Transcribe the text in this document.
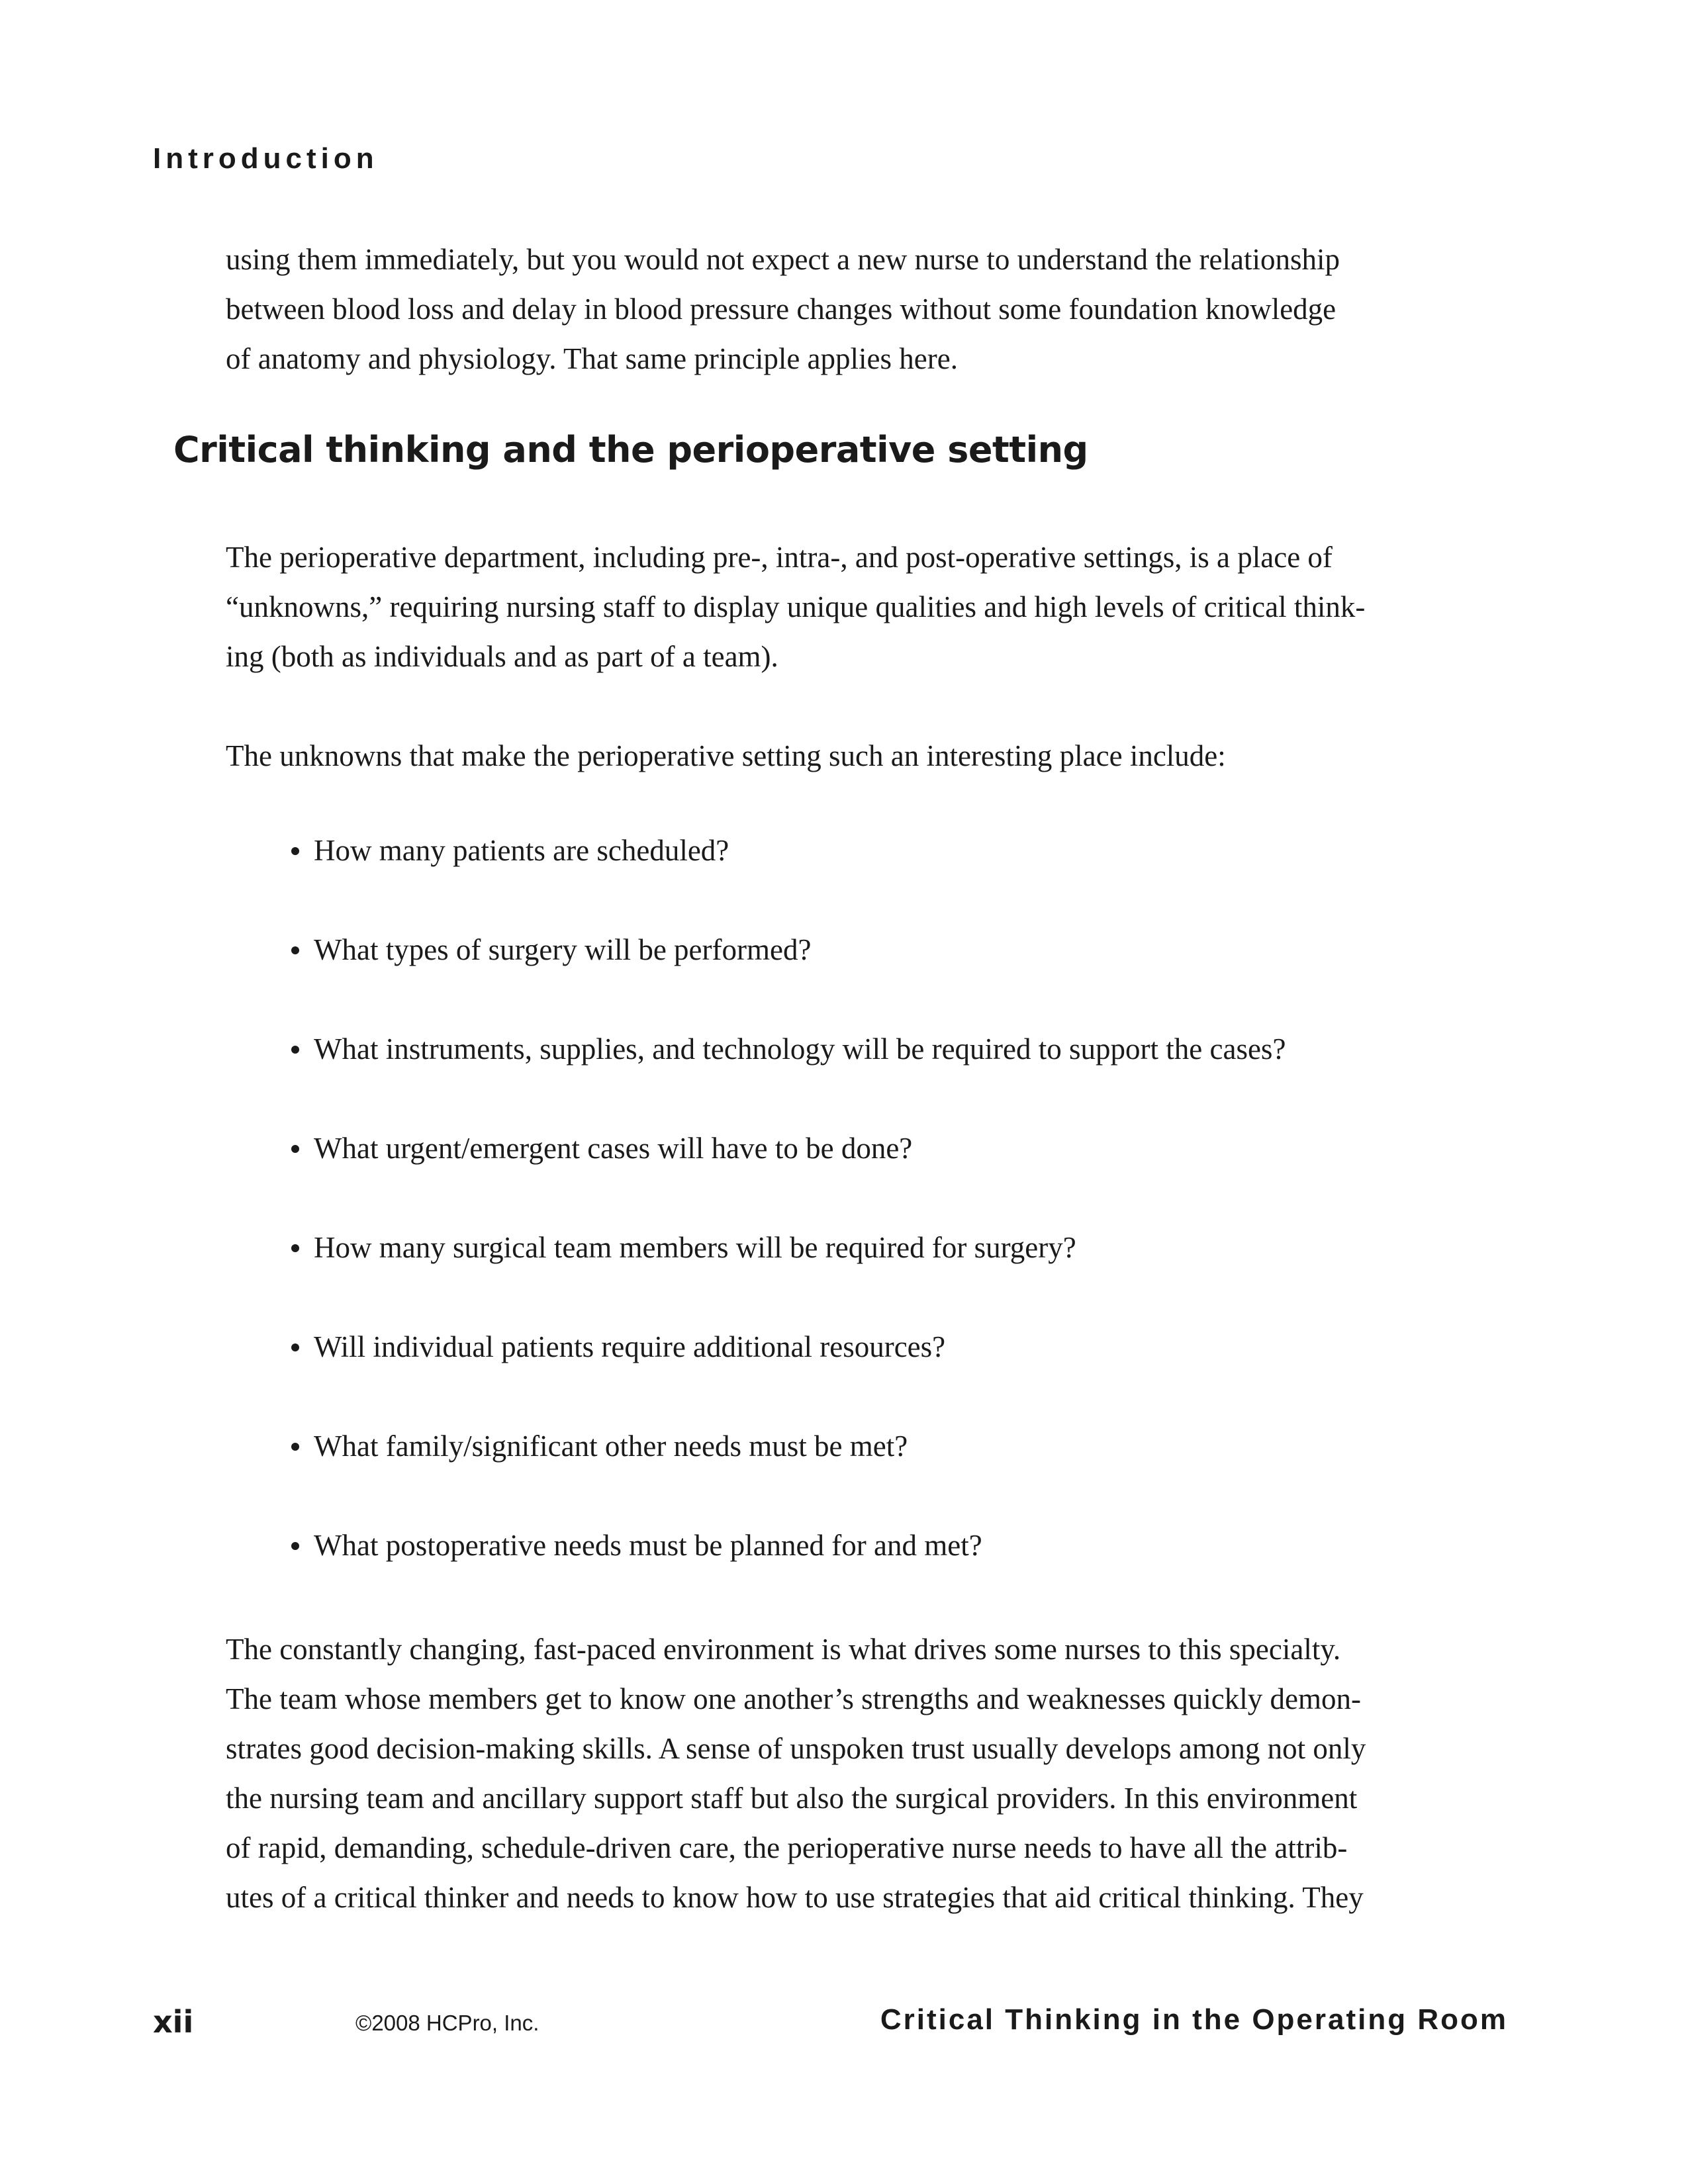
Introduction

using them immediately, but you would not expect a new nurse to understand the relationship
between blood loss and delay in blood pressure changes without some foundation knowledge
of anatomy and physiology. That same principle applies here.

Critical thinking and the perioperative setting

The perioperative department, including pre-, intra-, and post-operative settings, is a place of
“unknowns,” requiring nursing staff to display unique qualities and high levels of critical think-
ing (both as individuals and as part of a team).

The unknowns that make the perioperative setting such an interesting place include:

How many patients are scheduled?
What types of surgery will be performed?
What instruments, supplies, and technology will be required to support the cases?
What urgent/emergent cases will have to be done?
How many surgical team members will be required for surgery?
Will individual patients require additional resources?
What family/significant other needs must be met?
What postoperative needs must be planned for and met?

The constantly changing, fast-paced environment is what drives some nurses to this specialty.
The team whose members get to know one another’s strengths and weaknesses quickly demon-
strates good decision-making skills. A sense of unspoken trust usually develops among not only
the nursing team and ancillary support staff but also the surgical providers. In this environment
of rapid, demanding, schedule-driven care, the perioperative nurse needs to have all the attrib-
utes of a critical thinker and needs to know how to use strategies that aid critical thinking. They

xii	©2008 HCPro, Inc.	Critical Thinking in the Operating Room
